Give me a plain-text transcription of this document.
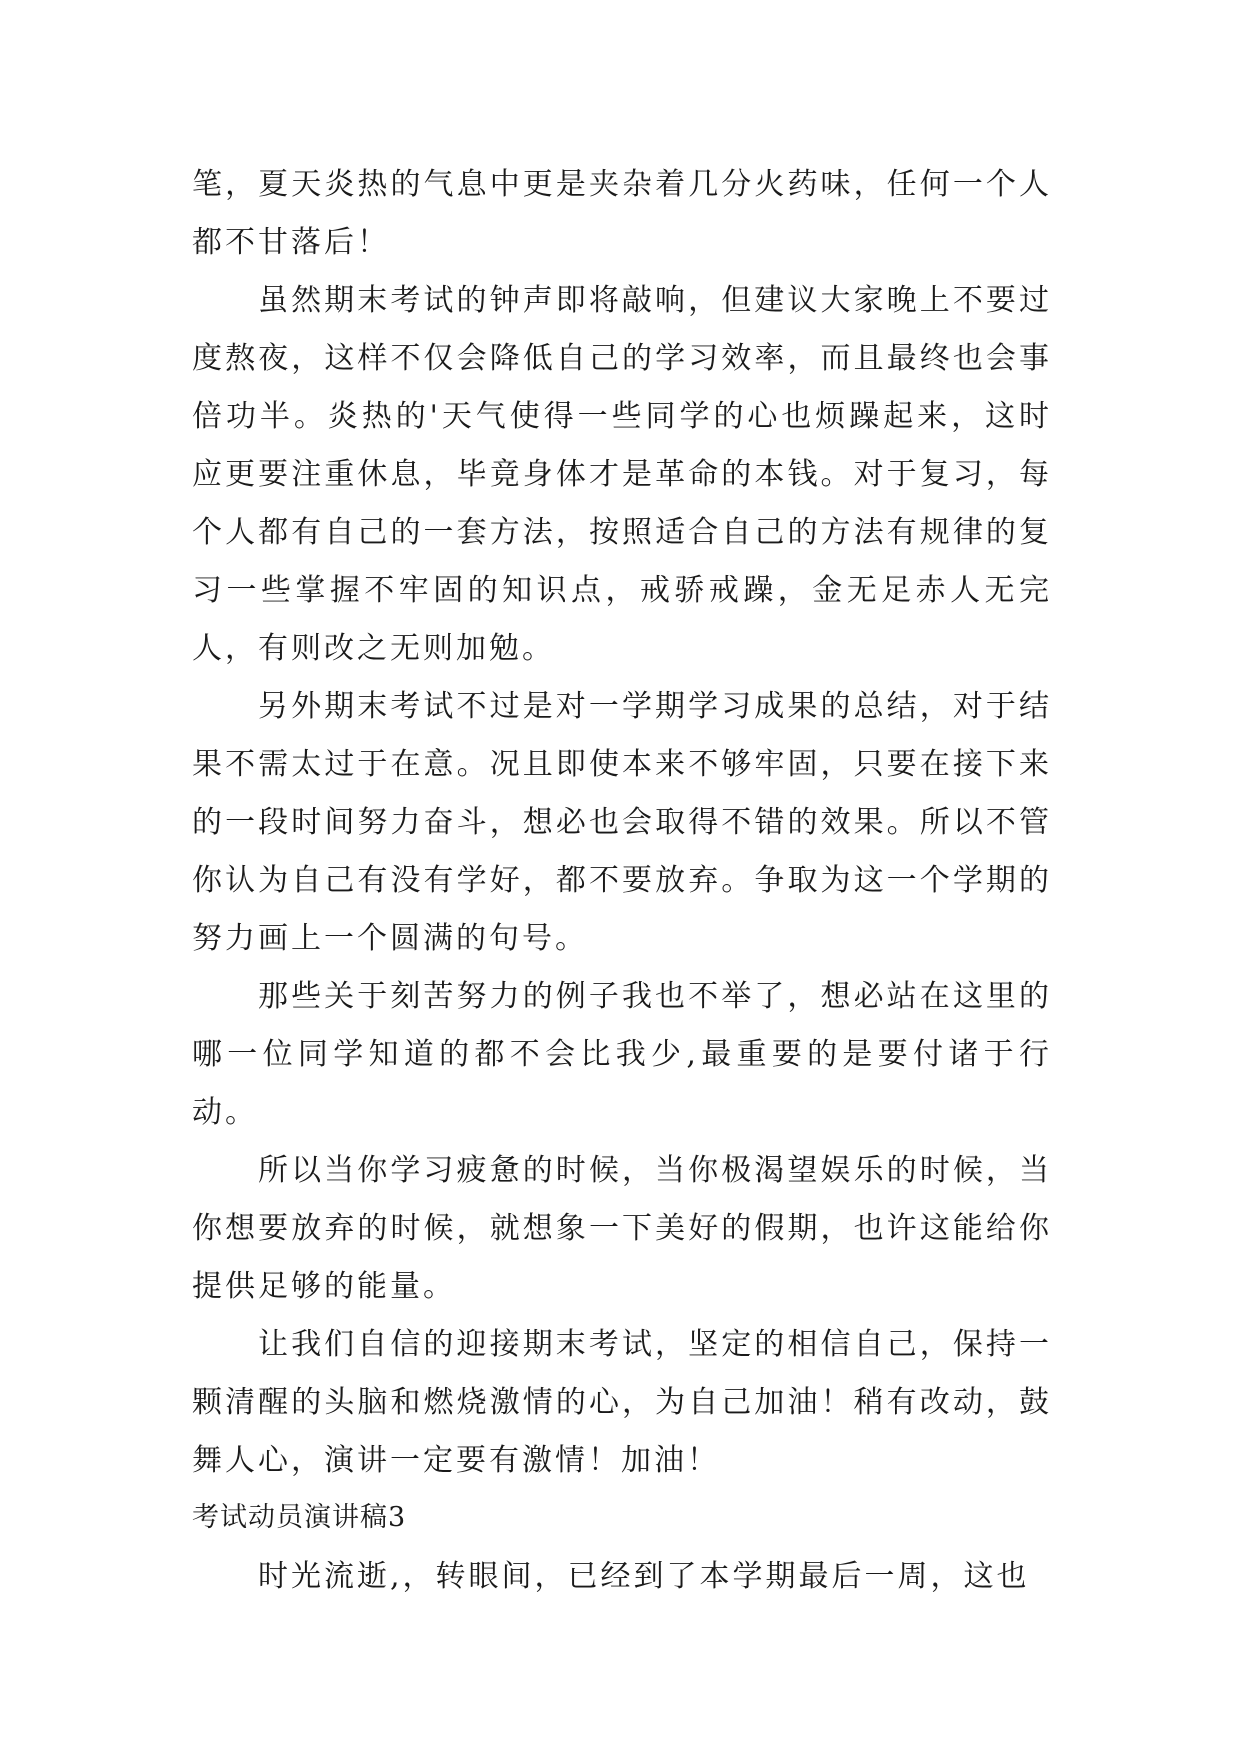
笔，夏天炎热的气息中更是夹杂着几分火药味，任何一个人都不甘落后！

虽然期末考试的钟声即将敲响，但建议大家晚上不要过度熬夜，这样不仅会降低自己的学习效率，而且最终也会事倍功半。炎热的'天气使得一些同学的心也烦躁起来，这时应更要注重休息，毕竟身体才是革命的本钱。对于复习，每个人都有自己的一套方法，按照适合自己的方法有规律的复习一些掌握不牢固的知识点，戒骄戒躁，金无足赤人无完人，有则改之无则加勉。

另外期末考试不过是对一学期学习成果的总结，对于结果不需太过于在意。况且即使本来不够牢固，只要在接下来的一段时间努力奋斗，想必也会取得不错的效果。所以不管你认为自己有没有学好，都不要放弃。争取为这一个学期的努力画上一个圆满的句号。

那些关于刻苦努力的例子我也不举了，想必站在这里的哪一位同学知道的都不会比我少,最重要的是要付诸于行动。

所以当你学习疲惫的时候，当你极渴望娱乐的时候，当你想要放弃的时候，就想象一下美好的假期，也许这能给你提供足够的能量。

让我们自信的迎接期末考试，坚定的相信自己，保持一颗清醒的头脑和燃烧激情的心，为自己加油！稍有改动，鼓舞人心，演讲一定要有激情！加油！

考试动员演讲稿3

时光流逝,，转眼间，已经到了本学期最后一周，这也
